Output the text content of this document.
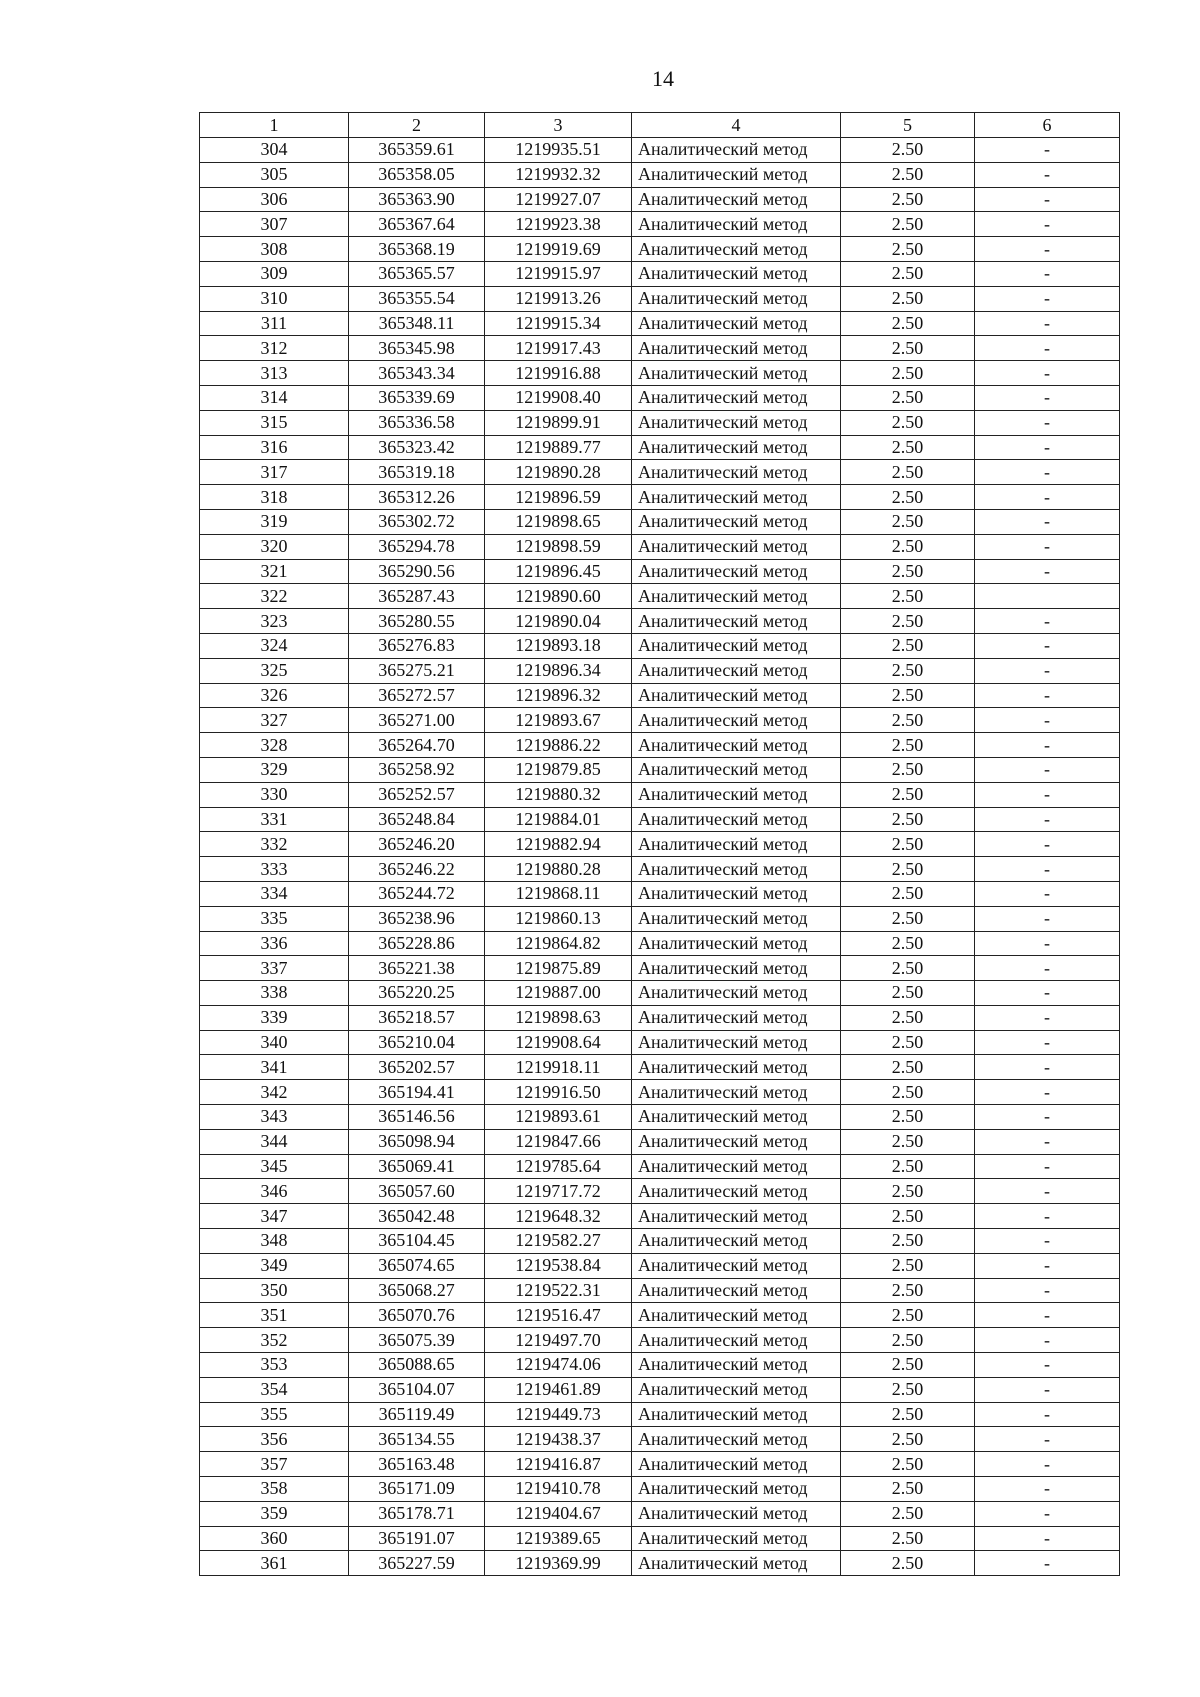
14
1	2	3	4	5	6
304	365359.61	1219935.51	Аналитический метод	2.50	-
305	365358.05	1219932.32	Аналитический метод	2.50	-
306	365363.90	1219927.07	Аналитический метод	2.50	-
307	365367.64	1219923.38	Аналитический метод	2.50	-
308	365368.19	1219919.69	Аналитический метод	2.50	-
309	365365.57	1219915.97	Аналитический метод	2.50	-
310	365355.54	1219913.26	Аналитический метод	2.50	-
311	365348.11	1219915.34	Аналитический метод	2.50	-
312	365345.98	1219917.43	Аналитический метод	2.50	-
313	365343.34	1219916.88	Аналитический метод	2.50	-
314	365339.69	1219908.40	Аналитический метод	2.50	-
315	365336.58	1219899.91	Аналитический метод	2.50	-
316	365323.42	1219889.77	Аналитический метод	2.50	-
317	365319.18	1219890.28	Аналитический метод	2.50	-
318	365312.26	1219896.59	Аналитический метод	2.50	-
319	365302.72	1219898.65	Аналитический метод	2.50	-
320	365294.78	1219898.59	Аналитический метод	2.50	-
321	365290.56	1219896.45	Аналитический метод	2.50	-
322	365287.43	1219890.60	Аналитический метод	2.50	
323	365280.55	1219890.04	Аналитический метод	2.50	-
324	365276.83	1219893.18	Аналитический метод	2.50	-
325	365275.21	1219896.34	Аналитический метод	2.50	-
326	365272.57	1219896.32	Аналитический метод	2.50	-
327	365271.00	1219893.67	Аналитический метод	2.50	-
328	365264.70	1219886.22	Аналитический метод	2.50	-
329	365258.92	1219879.85	Аналитический метод	2.50	-
330	365252.57	1219880.32	Аналитический метод	2.50	-
331	365248.84	1219884.01	Аналитический метод	2.50	-
332	365246.20	1219882.94	Аналитический метод	2.50	-
333	365246.22	1219880.28	Аналитический метод	2.50	-
334	365244.72	1219868.11	Аналитический метод	2.50	-
335	365238.96	1219860.13	Аналитический метод	2.50	-
336	365228.86	1219864.82	Аналитический метод	2.50	-
337	365221.38	1219875.89	Аналитический метод	2.50	-
338	365220.25	1219887.00	Аналитический метод	2.50	-
339	365218.57	1219898.63	Аналитический метод	2.50	-
340	365210.04	1219908.64	Аналитический метод	2.50	-
341	365202.57	1219918.11	Аналитический метод	2.50	-
342	365194.41	1219916.50	Аналитический метод	2.50	-
343	365146.56	1219893.61	Аналитический метод	2.50	-
344	365098.94	1219847.66	Аналитический метод	2.50	-
345	365069.41	1219785.64	Аналитический метод	2.50	-
346	365057.60	1219717.72	Аналитический метод	2.50	-
347	365042.48	1219648.32	Аналитический метод	2.50	-
348	365104.45	1219582.27	Аналитический метод	2.50	-
349	365074.65	1219538.84	Аналитический метод	2.50	-
350	365068.27	1219522.31	Аналитический метод	2.50	-
351	365070.76	1219516.47	Аналитический метод	2.50	-
352	365075.39	1219497.70	Аналитический метод	2.50	-
353	365088.65	1219474.06	Аналитический метод	2.50	-
354	365104.07	1219461.89	Аналитический метод	2.50	-
355	365119.49	1219449.73	Аналитический метод	2.50	-
356	365134.55	1219438.37	Аналитический метод	2.50	-
357	365163.48	1219416.87	Аналитический метод	2.50	-
358	365171.09	1219410.78	Аналитический метод	2.50	-
359	365178.71	1219404.67	Аналитический метод	2.50	-
360	365191.07	1219389.65	Аналитический метод	2.50	-
361	365227.59	1219369.99	Аналитический метод	2.50	-
